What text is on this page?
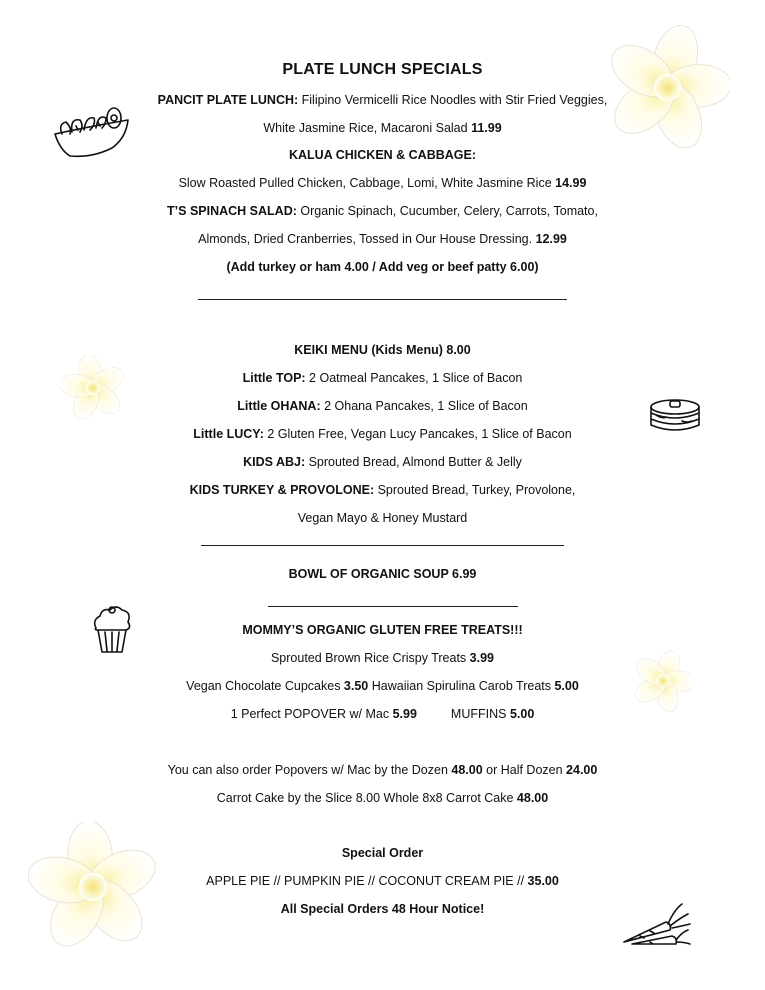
PLATE LUNCH SPECIALS
PANCIT PLATE LUNCH: Filipino Vermicelli Rice Noodles with Stir Fried Veggies,
White Jasmine Rice, Macaroni Salad 11.99
KALUA CHICKEN & CABBAGE:
Slow Roasted Pulled Chicken, Cabbage, Lomi, White Jasmine Rice 14.99
T’S SPINACH SALAD: Organic Spinach, Cucumber, Celery, Carrots, Tomato,
Almonds, Dried Cranberries, Tossed in Our House Dressing. 12.99
(Add turkey or ham 4.00 / Add veg or beef patty 6.00)
KEIKI MENU (Kids Menu) 8.00
Little TOP: 2 Oatmeal Pancakes, 1 Slice of Bacon
Little OHANA: 2 Ohana Pancakes, 1 Slice of Bacon
Little LUCY: 2 Gluten Free, Vegan Lucy Pancakes, 1 Slice of Bacon
KIDS ABJ: Sprouted Bread, Almond Butter & Jelly
KIDS TURKEY & PROVOLONE: Sprouted Bread, Turkey, Provolone,
Vegan Mayo & Honey Mustard
BOWL OF ORGANIC SOUP 6.99
MOMMY’S ORGANIC GLUTEN FREE TREATS!!!
Sprouted Brown Rice Crispy Treats 3.99
Vegan Chocolate Cupcakes 3.50 Hawaiian Spirulina Carob Treats 5.00
1 Perfect POPOVER w/ Mac 5.99	MUFFINS 5.00
You can also order Popovers w/ Mac by the Dozen 48.00 or Half Dozen 24.00
Carrot Cake by the Slice 8.00 Whole 8x8 Carrot Cake 48.00
Special Order
APPLE PIE // PUMPKIN PIE // COCONUT CREAM PIE // 35.00
All Special Orders 48 Hour Notice!
